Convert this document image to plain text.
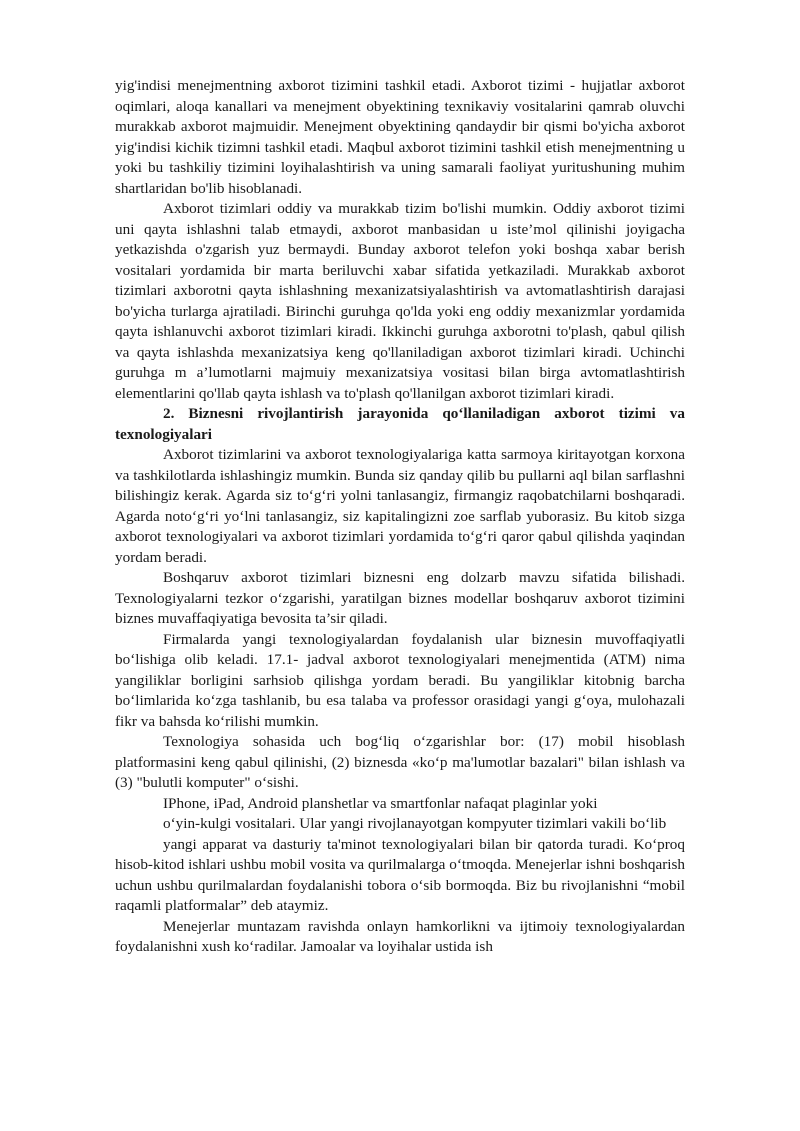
yig'indisi menejmentning axborot tizimini tashkil etadi. Axborot tizimi - hujjatlar axborot oqimlari, aloqa kanallari va menejment obyektining texnikaviy vositalarini qamrab oluvchi murakkab axborot majmuidir. Menejment obyektining qandaydir bir qismi bo'yicha axborot yig'indisi kichik tizimni tashkil etadi. Maqbul axborot tizimini tashkil etish menejmentning u yoki bu tashkiliy tizimini loyihalashtirish va uning samarali faoliyat yuritushuning muhim shartlaridan bo'lib hisoblanadi.

Axborot tizimlari oddiy va murakkab tizim bo'lishi mumkin. Oddiy axborot tizimi uni qayta ishlashni talab etmaydi, axborot manbasidan u iste’mol qilinishi joyigacha yetkazishda o'zgarish yuz bermaydi. Bunday axborot telefon yoki boshqa xabar berish vositalari yordamida bir marta beriluvchi xabar sifatida yetkaziladi. Murakkab axborot tizimlari axborotni qayta ishlashning mexanizatsiyalashtirish va avtomatlashtirish darajasi bo'yicha turlarga ajratiladi. Birinchi guruhga qo'lda yoki eng oddiy mexanizmlar yordamida qayta ishlanuvchi axborot tizimlari kiradi. Ikkinchi guruhga axborotni to'plash, qabul qilish va qayta ishlashda mexanizatsiya keng qo'llaniladigan axborot tizimlari kiradi. Uchinchi guruhga m a’lumotlarni majmuiy mexanizatsiya vositasi bilan birga avtomatlashtirish elementlarini qo'llab qayta ishlash va to'plash qo'llanilgan axborot tizimlari kiradi.

2. Biznesni rivojlantirish jarayonida qo‘llaniladigan axborot tizimi va texnologiyalari

Axborot tizimlarini va axborot texnologiyalariga katta sarmoya kiritayotgan korxona va tashkilotlarda ishlashingiz mumkin. Bunda siz qanday qilib bu pullarni aql bilan sarflashni bilishingiz kerak. Agarda siz to‘g‘ri yolni tanlasangiz, firmangiz raqobatchilarni boshqaradi. Agarda noto‘g‘ri yo‘lni tanlasangiz, siz kapitalingizni zoe sarflab yuborasiz. Bu kitob sizga axborot texnologiyalari va axborot tizimlari yordamida to‘g‘ri qaror qabul qilishda yaqindan yordam beradi.

Boshqaruv axborot tizimlari biznesni eng dolzarb mavzu sifatida bilishadi. Texnologiyalarni tezkor o‘zgarishi, yaratilgan biznes modellar boshqaruv axborot tizimini biznes muvaffaqiyatiga bevosita ta’sir qiladi.

Firmalarda yangi texnologiyalardan foydalanish ular biznesin muvoffaqiyatli bo‘lishiga olib keladi. 17.1- jadval axborot texnologiyalari menejmentida (ATM) nima yangiliklar borligini sarhsiob qilishga yordam beradi. Bu yangiliklar kitobnig barcha bo‘limlarida ko‘zga tashlanib, bu esa talaba va professor orasidagi yangi g‘oya, mulohazali fikr va bahsda ko‘rilishi mumkin.

Texnologiya sohasida uch bog‘liq o‘zgarishlar bor: (17) mobil hisoblash platformasini keng qabul qilinishi, (2) biznesda «ko‘p ma'lumotlar bazalari" bilan ishlash va (3) "bulutli komputer" o‘sishi.

IPhone, iPad, Android planshetlar va smartfonlar nafaqat plaginlar yoki

o‘yin-kulgi vositalari. Ular yangi rivojlanayotgan kompyuter tizimlari vakili bo‘lib

yangi apparat va dasturiy ta'minot texnologiyalari bilan bir qatorda turadi. Ko‘proq hisob-kitod ishlari ushbu mobil vosita va qurilmalarga o‘tmoqda. Menejerlar ishni boshqarish uchun ushbu qurilmalardan foydalanishi tobora o‘sib bormoqda. Biz bu rivojlanishni “mobil raqamli platformalar” deb ataymiz.

Menejerlar muntazam ravishda onlayn hamkorlikni va ijtimoiy texnologiyalardan foydalanishni xush ko‘radilar. Jamoalar va loyihalar ustida ish
